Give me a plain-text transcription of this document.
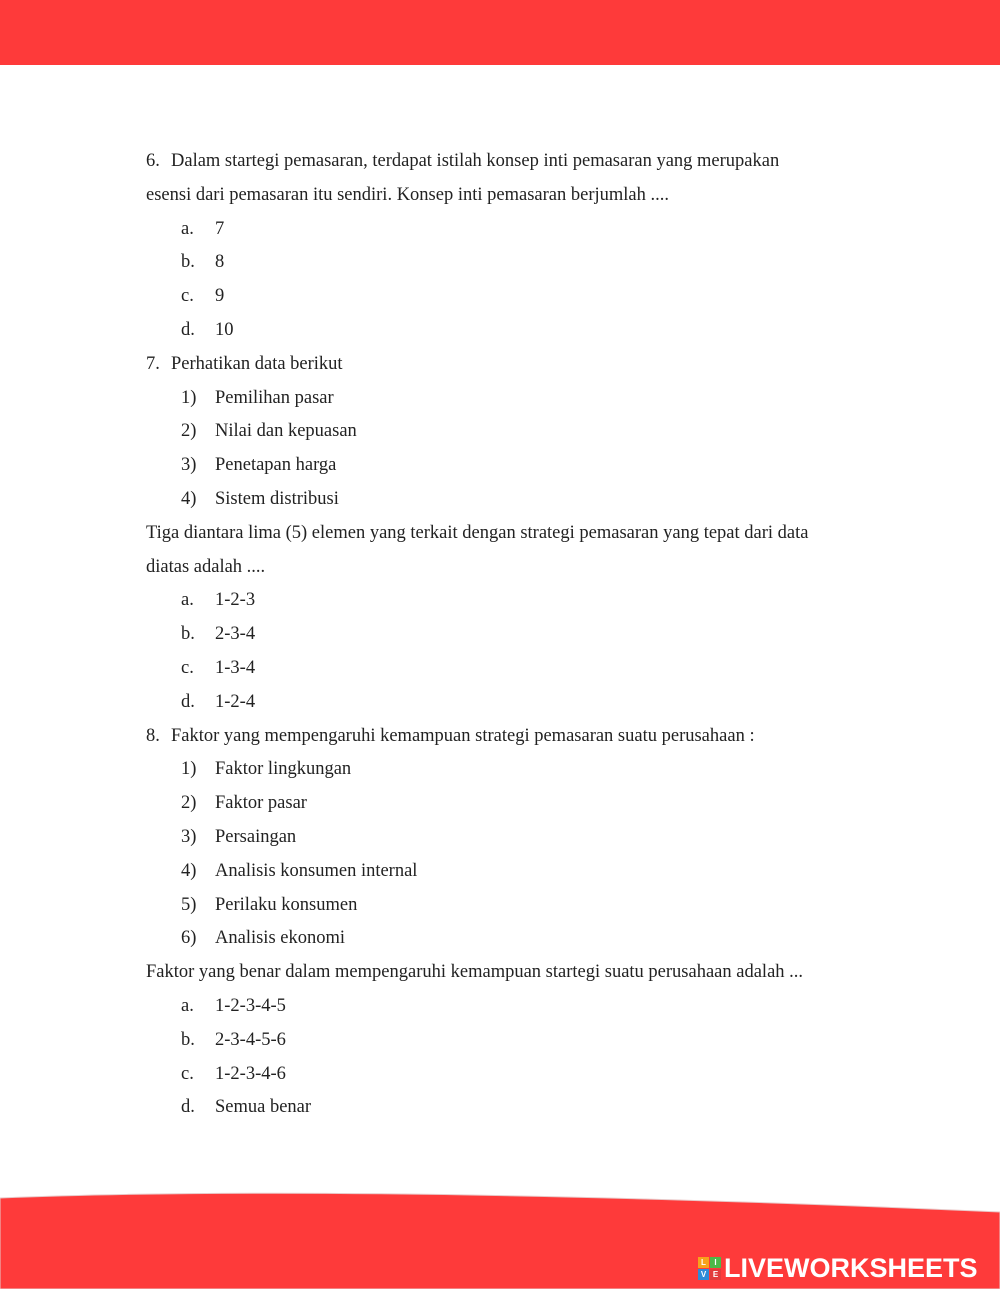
6. Dalam startegi pemasaran, terdapat istilah konsep inti pemasaran yang merupakan
esensi dari pemasaran itu sendiri. Konsep inti pemasaran berjumlah ....
a. 7
b. 8
c. 9
d. 10
7. Perhatikan data berikut
1) Pemilihan pasar
2) Nilai dan kepuasan
3) Penetapan harga
4) Sistem distribusi
Tiga diantara lima (5) elemen yang terkait dengan strategi pemasaran yang tepat dari data
diatas adalah ....
a. 1-2-3
b. 2-3-4
c. 1-3-4
d. 1-2-4
8. Faktor yang mempengaruhi kemampuan strategi pemasaran suatu perusahaan :
1) Faktor lingkungan
2) Faktor pasar
3) Persaingan
4) Analisis konsumen internal
5) Perilaku konsumen
6) Analisis ekonomi
Faktor yang benar dalam mempengaruhi kemampuan startegi suatu perusahaan adalah ...
a. 1-2-3-4-5
b. 2-3-4-5-6
c. 1-2-3-4-6
d. Semua benar
L	I
V E LIVEWORKSHEETS
